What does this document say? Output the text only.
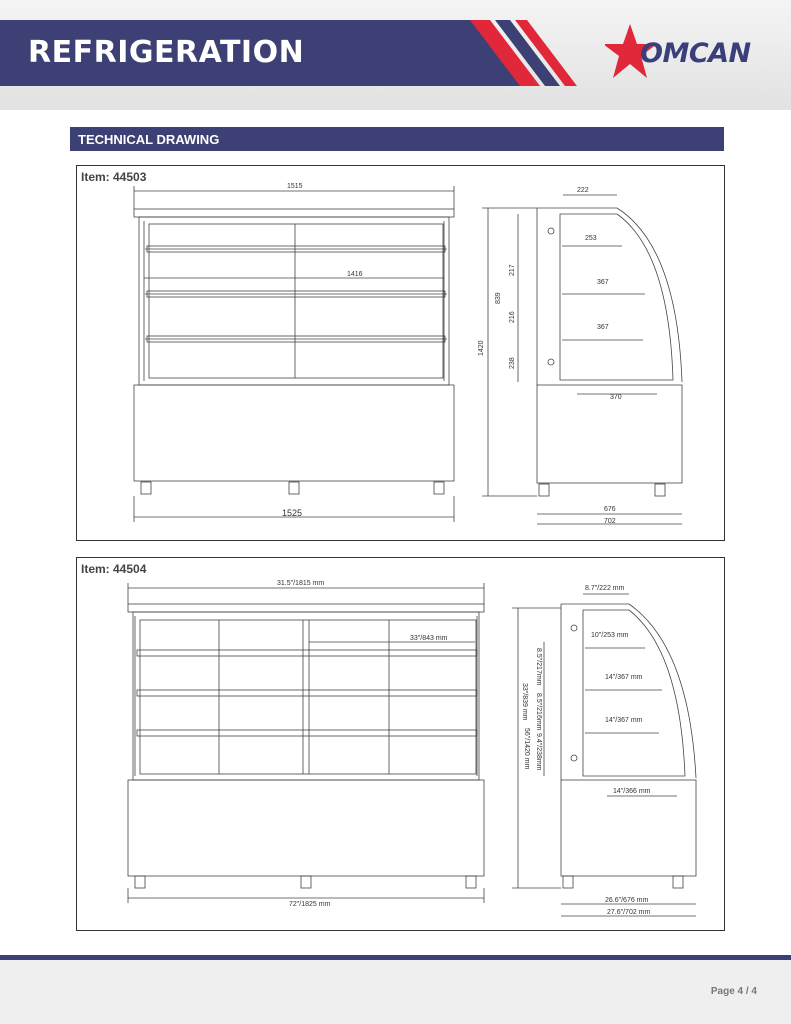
REFRIGERATION	OMCAN
TECHNICAL DRAWING
Item: 44503
1515
1416
1525
222
1420
839
217
216
238
253
367
367
370
676
702
Item: 44504
31.5"/1815 mm
33"/843 mm
72"/1825 mm
8.7"/222 mm
56"/1420 mm
33"/839 mm
8.5"/217mm
8.5"/216mm
9.4"/238mm
10"/253 mm
14"/367 mm
14"/367 mm
14"/366 mm
26.6"/676 mm
27.6"/702 mm
Page 4 / 4
